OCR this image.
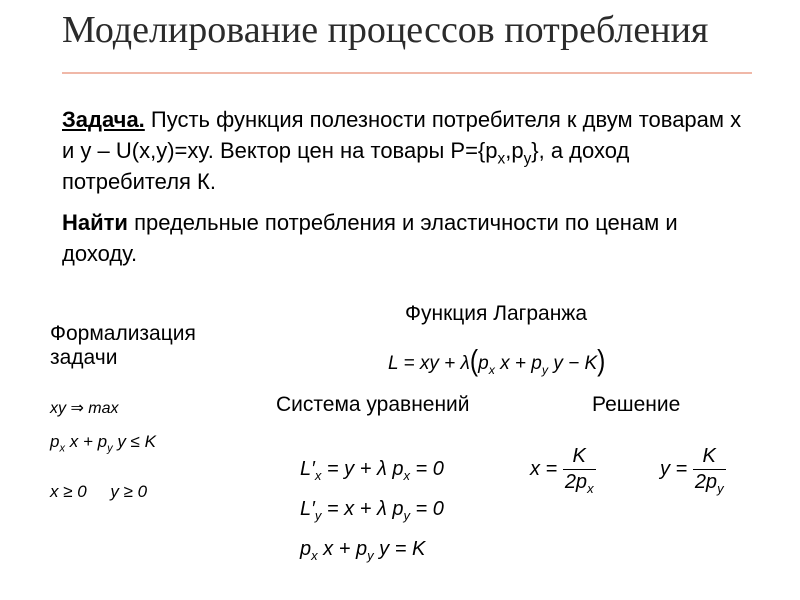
Моделирование процессов потребления

Задача. Пусть функция полезности потребителя к двум товарам x и y – U(x,y)=xy. Вектор цен на товары $P=\{p_x,p_y\}$, а доход потребителя К.

Найти предельные потребления и эластичности по ценам и доходу.

Формализация задачи
Функция Лагранжа
L = xy + $\lambda(p_x$ $x + p_y$ y − K)
Система уравнений	Решение
xy ⇒ max
$p_x$ $x + p_y$ y ≤ K
x ≥ 0     y ≥ 0
$L'_x = y + \lambda$ $p_x = 0$
$L'_y = x + \lambda$ $p_y = 0$
$p_x$ $x + p_y$ y = K
$x = \frac{K}{2p_x}$	$y = \frac{K}{2p_y}$
